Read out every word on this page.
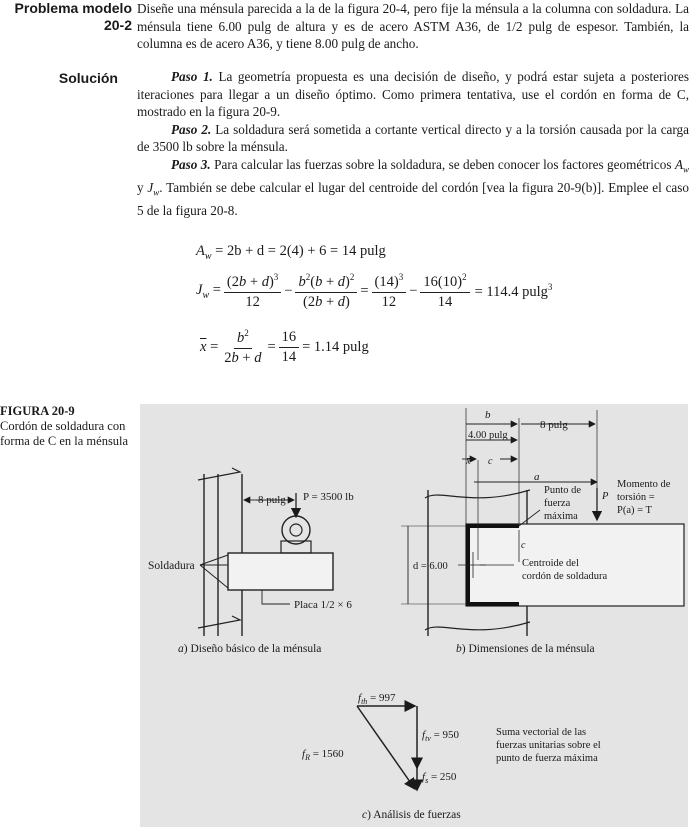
Problema modelo
20-2
Diseñe una ménsula parecida a la de la figura 20-4, pero fije la ménsula a la columna con soldadura. La ménsula tiene 6.00 pulg de altura y es de acero ASTM A36, de 1/2 pulg de espesor. También, la columna es de acero A36, y tiene 8.00 pulg de ancho.
Solución	Paso 1. La geometría propuesta es una decisión de diseño, y podrá estar sujeta a posteriores iteraciones para llegar a un diseño óptimo. Como primera tentativa, use el cordón en forma de C, mostrado en la figura 20-9.
Paso 2. La soldadura será sometida a cortante vertical directo y a la torsión causada por la carga de 3500 lb sobre la ménsula.
Paso 3. Para calcular las fuerzas sobre la soldadura, se deben conocer los factores geométricos $A_w$ y $J_w$. También se debe calcular el lugar del centroide del cordón [vea la figura 20-9(b)]. Emplee el caso 5 de la figura 20-8.
$A_w = 2b + d = 2(4) + 6 = 14$ pulg
$J_w = \frac{(2b + d)^3}{12} - \frac{b^2(b + d)^2}{(2b + d)} = \frac{(14)^3}{12} - \frac{16(10)^2}{14} = 114.4$ pulg$^3$
$\overline{x} = \frac{b^2}{2b + d} = \frac{16}{14} = 1.14$ pulg
FIGURA 20-9
Cordón de soldadura con forma de C en la ménsula
8 pulg P = 3500 lb
Soldadura
Placa 1/2 × 6
a) Diseño básico de la ménsula
b
4.00 pulg
8 pulg
a
c
x̄
c
P
d = 6.00
Momento de
torsión =
P(a) = T
Punto de
fuerza
máxima
Centroide del
cordón de soldadura
b) Dimensiones de la ménsula
$f_{th} = 997$
$f_{tv} = 950$
$f_R = 1560$
$f_s = 250$
Suma vectorial de las
fuerzas unitarias sobre el
punto de fuerza máxima
c) Análisis de fuerzas
